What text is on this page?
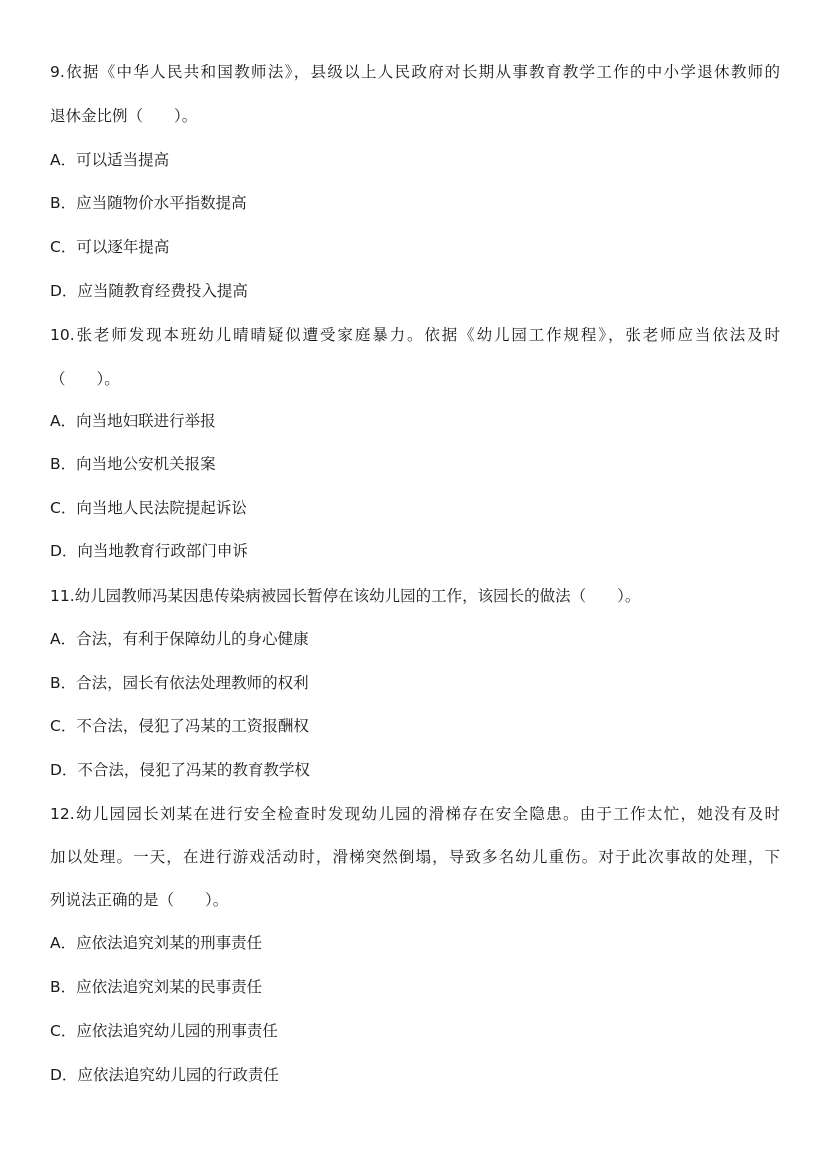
9.依据《中华人民共和国教师法》，县级以上人民政府对长期从事教育教学工作的中小学退休教师的
退休金比例（　　）。
A．可以适当提高
B．应当随物价水平指数提高
C．可以逐年提高
D．应当随教育经费投入提高
10.张老师发现本班幼儿晴晴疑似遭受家庭暴力。依据《幼儿园工作规程》，张老师应当依法及时
（　　）。
A．向当地妇联进行举报
B．向当地公安机关报案
C．向当地人民法院提起诉讼
D．向当地教育行政部门申诉
11.幼儿园教师冯某因患传染病被园长暂停在该幼儿园的工作，该园长的做法（　　）。
A．合法，有利于保障幼儿的身心健康
B．合法，园长有依法处理教师的权利
C．不合法，侵犯了冯某的工资报酬权
D．不合法，侵犯了冯某的教育教学权
12.幼儿园园长刘某在进行安全检查时发现幼儿园的滑梯存在安全隐患。由于工作太忙，她没有及时
加以处理。一天，在进行游戏活动时，滑梯突然倒塌，导致多名幼儿重伤。对于此次事故的处理，下
列说法正确的是（　　）。
A．应依法追究刘某的刑事责任
B．应依法追究刘某的民事责任
C．应依法追究幼儿园的刑事责任
D．应依法追究幼儿园的行政责任
